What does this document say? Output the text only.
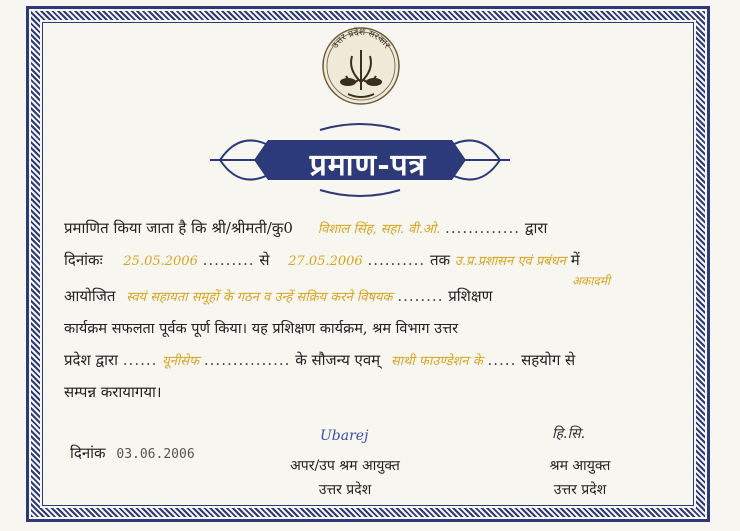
उत्तर प्रदेश सरकार
प्रमाण-पत्र
प्रमाणित किया जाता है कि श्री/श्रीमती/कु0 विशाल सिंह, सहा. वी.ओ. ............. द्वारा
दिनांकः 25.05.2006 ......... से 27.05.2006 .......... तक उ.प्र.प्रशासन एवं प्रबंधन में
अकादमी
आयोजित स्वयं सहायता समूहों के गठन व उन्हें सक्रिय करने विषयक ........ प्रशिक्षण
कार्यक्रम सफलता पूर्वक पूर्ण किया। यह प्रशिक्षण कार्यक्रम, श्रम विभाग उत्तर
प्रदेश द्वारा ...... यूनीसेफ ............... के सौजन्य एवम् साथी फाउण्डेशन के ..... सहयोग से
सम्पन्न करायागया।
दिनांक 03.06.2006
Ubarej
अपर/उप श्रम आयुक्त
उत्तर प्रदेश
हि.सि.
श्रम आयुक्त
उत्तर प्रदेश
